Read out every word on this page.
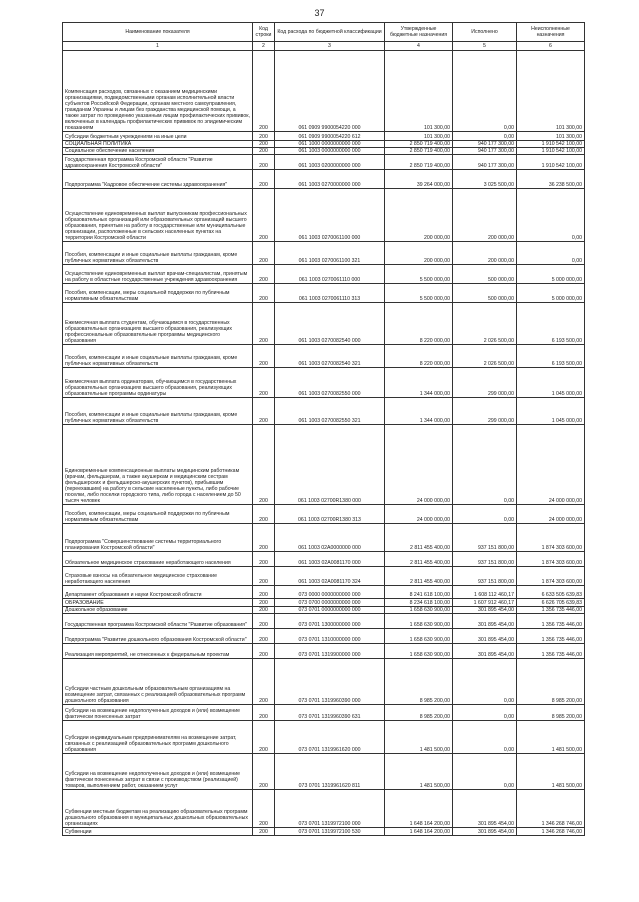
37
Наименование показателя	Код строки	Код расхода по бюджетной классификации	Утвержденные бюджетные назначения	Исполнено	Неисполненные назначения
1	2	3	4	5	6
Компенсация расходов, связанных с оказанием медицинскими организациями, подведомственными органам исполнительной власти субъектов Российской Федерации, органам местного самоуправления, гражданам Украины и лицам без гражданства медицинской помощи, а также затрат по проведению указанным лицам профилактических прививок, включенных в календарь профилактических прививок по эпидемическим показаниям	200	061 0909 9900054220 000	101 300,00	0,00	101 300,00
Субсидии бюджетным учреждениям на иные цели	200	061 0909 9900054220 612	101 300,00	0,00	101 300,00
СОЦИАЛЬНАЯ ПОЛИТИКА	200	061 1000 0000000000 000	2 850 719 400,00	940 177 300,00	1 910 542 100,00
Социальное обеспечение населения	200	061 1003 0000000000 000	2 850 719 400,00	940 177 300,00	1 910 542 100,00
Государственная программа Костромской области "Развитие здравоохранения Костромской области"	200	061 1003 0200000000 000	2 850 719 400,00	940 177 300,00	1 910 542 100,00
Подпрограмма "Кадровое обеспечение системы здравоохранения"	200	061 1003 0270000000 000	39 264 000,00	3 025 500,00	36 238 500,00
Осуществление единовременных выплат выпускникам профессиональных образовательных организаций или образовательных организаций высшего образования, принятым на работу в государственные или муниципальные организации, расположенные в сельских населенных пунктах на территории Костромской области	200	061 1003 0270061100 000	200 000,00	200 000,00	0,00
Пособия, компенсации и иные социальные выплаты гражданам, кроме публичных нормативных обязательств	200	061 1003 0270061100 321	200 000,00	200 000,00	0,00
Осуществление единовременных выплат врачам-специалистам, принятым на работу в областные государственные учреждения здравоохранения	200	061 1003 0270061110 000	5 500 000,00	500 000,00	5 000 000,00
Пособия, компенсации, меры социальной поддержки по публичным нормативным обязательствам	200	061 1003 0270061110 313	5 500 000,00	500 000,00	5 000 000,00
Ежемесячная выплата студентам, обучающимся в государственных образовательных организациях высшего образования, реализующих профессиональные образовательные программы медицинского образования	200	061 1003 0270082540 000	8 220 000,00	2 026 500,00	6 193 500,00
Пособия, компенсации и иные социальные выплаты гражданам, кроме публичных нормативных обязательств	200	061 1003 0270082540 321	8 220 000,00	2 026 500,00	6 193 500,00
Ежемесячная выплата ординаторам, обучающимся в государственных образовательных организациях высшего образования, реализующих образовательные программы ординатуры	200	061 1003 0270082550 000	1 344 000,00	299 000,00	1 045 000,00
Пособия, компенсации и иные социальные выплаты гражданам, кроме публичных нормативных обязательств	200	061 1003 0270082550 321	1 344 000,00	299 000,00	1 045 000,00
Единовременные компенсационные выплаты медицинским работникам (врачам, фельдшерам, а также акушеркам и медицинским сестрам фельдшерских и фельдшерско-акушерских пунктов), прибывшим (переехавшим) на работу в сельские населенные пункты, либо рабочие поселки, либо поселки городского типа, либо города с населением до 50 тысяч человек	200	061 1003 02700R1380 000	24 000 000,00	0,00	24 000 000,00
Пособия, компенсации, меры социальной поддержки по публичным нормативным обязательствам	200	061 1003 02700R1380 313	24 000 000,00	0,00	24 000 000,00
Подпрограмма "Совершенствование системы территориального планирования Костромской области"	200	061 1003 02A0000000 000	2 811 455 400,00	937 151 800,00	1 874 303 600,00
Обязательное медицинское страхование неработающего населения	200	061 1003 02A0081170 000	2 811 455 400,00	937 151 800,00	1 874 303 600,00
Страховые взносы на обязательное медицинское страхование неработающего населения	200	061 1003 02A0081170 324	2 811 455 400,00	937 151 800,00	1 874 303 600,00
Департамент образования и науки Костромской области	200	073 0000 0000000000 000	8 241 618 100,00	1 608 112 460,17	6 633 505 639,83
ОБРАЗОВАНИЕ	200	073 0700 0000000000 000	8 234 618 100,00	1 607 912 460,17	6 626 705 639,83
Дошкольное образование	200	073 0701 0000000000 000	1 658 630 900,00	301 895 454,00	1 356 735 446,00
Государственная программа Костромской области "Развитие образования"	200	073 0701 1300000000 000	1 658 630 900,00	301 895 454,00	1 356 735 446,00
Подпрограмма "Развитие дошкольного образования Костромской области"	200	073 0701 1310000000 000	1 658 630 900,00	301 895 454,00	1 356 735 446,00
Реализация мероприятий, не отнесенных к федеральным проектам	200	073 0701 1319900000 000	1 658 630 900,00	301 895 454,00	1 356 735 446,00
Субсидии частным дошкольным образовательным организациям на возмещение затрат, связанных с реализацией образовательных программ дошкольного образования	200	073 0701 1319960390 000	8 985 200,00	0,00	8 985 200,00
Субсидии на возмещение недополученных доходов и (или) возмещение фактически понесенных затрат	200	073 0701 1319960390 631	8 985 200,00	0,00	8 985 200,00
Субсидии индивидуальным предпринимателям на возмещение затрат, связанных с реализацией образовательных программ дошкольного образования	200	073 0701 1319961620 000	1 481 500,00	0,00	1 481 500,00
Субсидии на возмещение недополученных доходов и (или) возмещение фактически понесенных затрат в связи с производством (реализацией) товаров, выполнением работ, оказанием услуг	200	073 0701 1319961620 811	1 481 500,00	0,00	1 481 500,00
Субвенции местным бюджетам на реализацию образовательных программ дошкольного образования в муниципальных дошкольных образовательных организациях	200	073 0701 1319972100 000	1 648 164 200,00	301 895 454,00	1 346 268 746,00
Субвенции	200	073 0701 1319972100 530	1 648 164 200,00	301 895 454,00	1 346 268 746,00
